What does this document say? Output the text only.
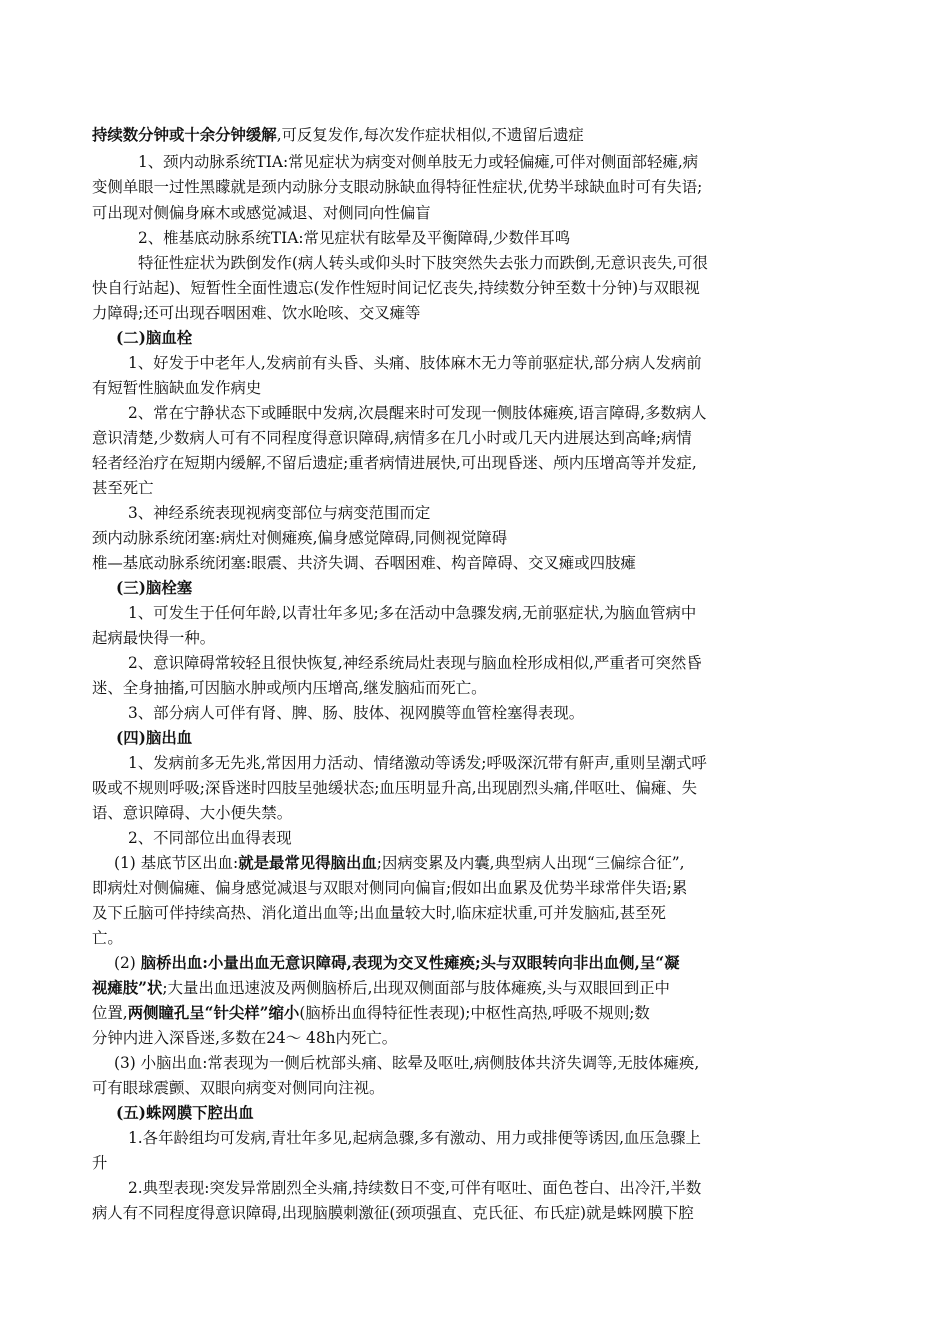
持续数分钟或十余分钟缓解,可反复发作,每次发作症状相似,不遗留后遗症
1、颈内动脉系统TIA:常见症状为病变对侧单肢无力或轻偏瘫,可伴对侧面部轻瘫,病
变侧单眼一过性黑矇就是颈内动脉分支眼动脉缺血得特征性症状,优势半球缺血时可有失语;
可出现对侧偏身麻木或感觉减退、对侧同向性偏盲
2、椎基底动脉系统TIA:常见症状有眩晕及平衡障碍,少数伴耳鸣
特征性症状为跌倒发作(病人转头或仰头时下肢突然失去张力而跌倒,无意识丧失,可很
快自行站起)、短暂性全面性遗忘(发作性短时间记忆丧失,持续数分钟至数十分钟)与双眼视
力障碍;还可出现吞咽困难、饮水呛咳、交叉瘫等
(二)脑血栓
1、好发于中老年人,发病前有头昏、头痛、肢体麻木无力等前驱症状,部分病人发病前
有短暂性脑缺血发作病史
2、常在宁静状态下或睡眠中发病,次晨醒来时可发现一侧肢体瘫痪,语言障碍,多数病人
意识清楚,少数病人可有不同程度得意识障碍,病情多在几小时或几天内进展达到高峰;病情
轻者经治疗在短期内缓解,不留后遗症;重者病情进展快,可出现昏迷、颅内压增高等并发症,
甚至死亡
3、神经系统表现视病变部位与病变范围而定
颈内动脉系统闭塞:病灶对侧瘫痪,偏身感觉障碍,同侧视觉障碍
椎—基底动脉系统闭塞:眼震、共济失调、吞咽困难、构音障碍、交叉瘫或四肢瘫
(三)脑栓塞
1、可发生于任何年龄,以青壮年多见;多在活动中急骤发病,无前驱症状,为脑血管病中
起病最快得一种。
2、意识障碍常较轻且很快恢复,神经系统局灶表现与脑血栓形成相似,严重者可突然昏
迷、全身抽搐,可因脑水肿或颅内压增高,继发脑疝而死亡。
3、部分病人可伴有肾、脾、肠、肢体、视网膜等血管栓塞得表现。
(四)脑出血
1、发病前多无先兆,常因用力活动、情绪激动等诱发;呼吸深沉带有鼾声,重则呈潮式呼
吸或不规则呼吸;深昏迷时四肢呈弛缓状态;血压明显升高,出现剧烈头痛,伴呕吐、偏瘫、失
语、意识障碍、大小便失禁。
2、不同部位出血得表现
(1) 基底节区出血:就是最常见得脑出血;因病变累及内囊,典型病人出现“三偏综合征”,
即病灶对侧偏瘫、偏身感觉减退与双眼对侧同向偏盲;假如出血累及优势半球常伴失语;累
及下丘脑可伴持续高热、消化道出血等;出血量较大时,临床症状重,可并发脑疝,甚至死
亡。
(2) 脑桥出血:小量出血无意识障碍,表现为交叉性瘫痪;头与双眼转向非出血侧,呈“凝
视瘫肢”状;大量出血迅速波及两侧脑桥后,出现双侧面部与肢体瘫痪,头与双眼回到正中
位置,两侧瞳孔呈“针尖样”缩小(脑桥出血得特征性表现);中枢性高热,呼吸不规则;数
分钟内进入深昏迷,多数在24～ 48h内死亡。
(3) 小脑出血:常表现为一侧后枕部头痛、眩晕及呕吐,病侧肢体共济失调等,无肢体瘫痪,
可有眼球震颤、双眼向病变对侧同向注视。
(五)蛛网膜下腔出血
1.各年龄组均可发病,青壮年多见,起病急骤,多有激动、用力或排便等诱因,血压急骤上
升
2.典型表现:突发异常剧烈全头痛,持续数日不变,可伴有呕吐、面色苍白、出冷汗,半数
病人有不同程度得意识障碍,出现脑膜刺激征(颈项强直、克氏征、布氏症)就是蛛网膜下腔
